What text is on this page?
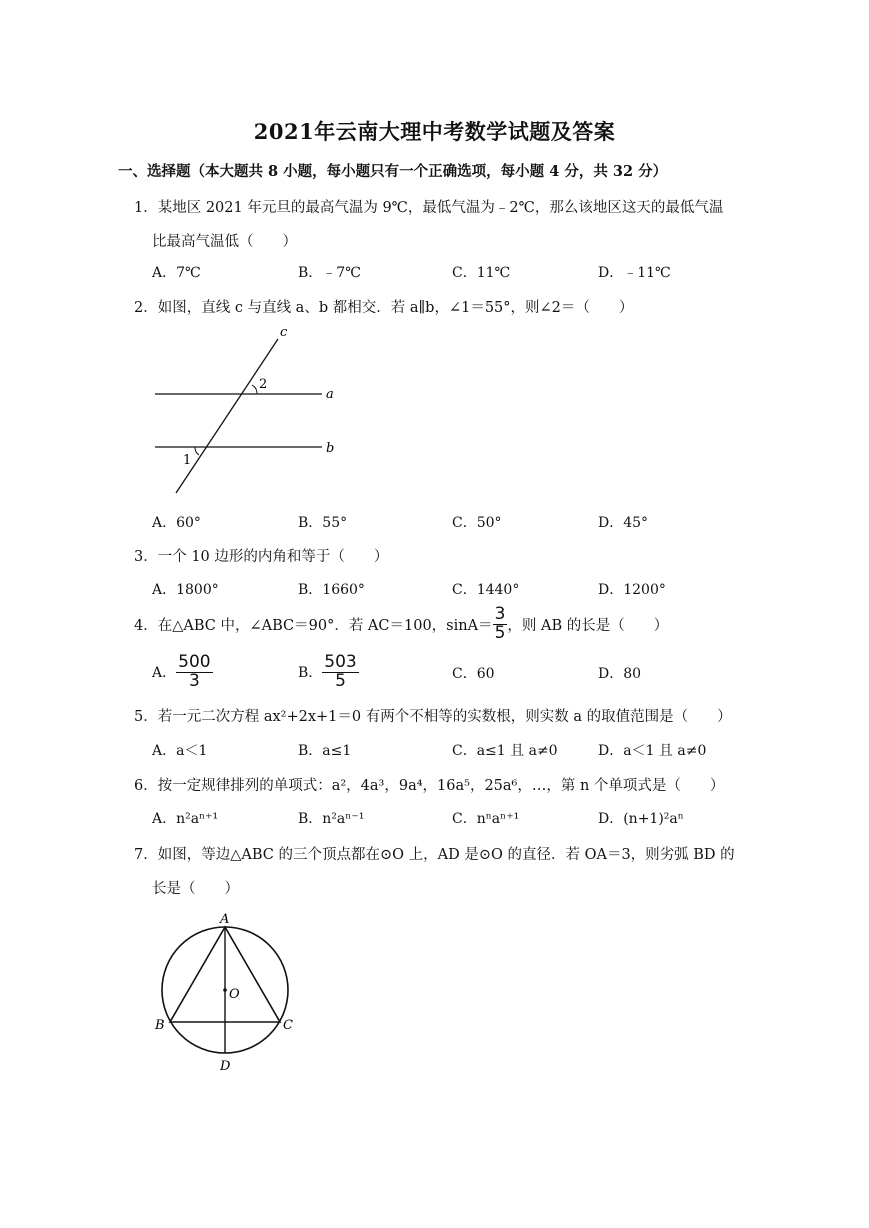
2021年云南大理中考数学试题及答案
一、选择题（本大题共 8 小题，每小题只有一个正确选项，每小题 4 分，共 32 分）
1．某地区 2021 年元旦的最高气温为 9℃，最低气温为﹣2℃，那么该地区这天的最低气温
比最高气温低（　　）
A．7℃	B．﹣7℃	C．11℃	D．﹣11℃
2．如图，直线 c 与直线 a、b 都相交．若 a∥b，∠1＝55°，则∠2＝（　　）
c
a
b
2
1
A．60°	B．55°	C．50°	D．45°
3．一个 10 边形的内角和等于（　　）
A．1800°	B．1660°	C．1440°	D．1200°
4．在△ABC 中，∠ABC＝90°．若 AC＝100，$\sin A= \frac{3}{5}$ ，则 AB 的长是（　　）
A． $\frac{500}{3}$	B． $\frac{503}{5}$	C．60	D．80
5．若一元二次方程 ax²+2x+1＝0 有两个不相等的实数根，则实数 a 的取值范围是（　　）
A．a＜1	B．a≤1	C．a≤1 且 a≠0	D．a＜1 且 a≠0
6．按一定规律排列的单项式：a²，4a³，9a⁴，16a⁵，25a⁶，…，第 n 个单项式是（　　）
A．n²aⁿ⁺¹	B．n²aⁿ⁻¹	C．nⁿaⁿ⁺¹	D．(n+1)²aⁿ
7．如图，等边△ABC 的三个顶点都在⊙O 上，AD 是⊙O 的直径．若 OA＝3，则劣弧 BD 的
长是（　　）
A
O
B	C
D
